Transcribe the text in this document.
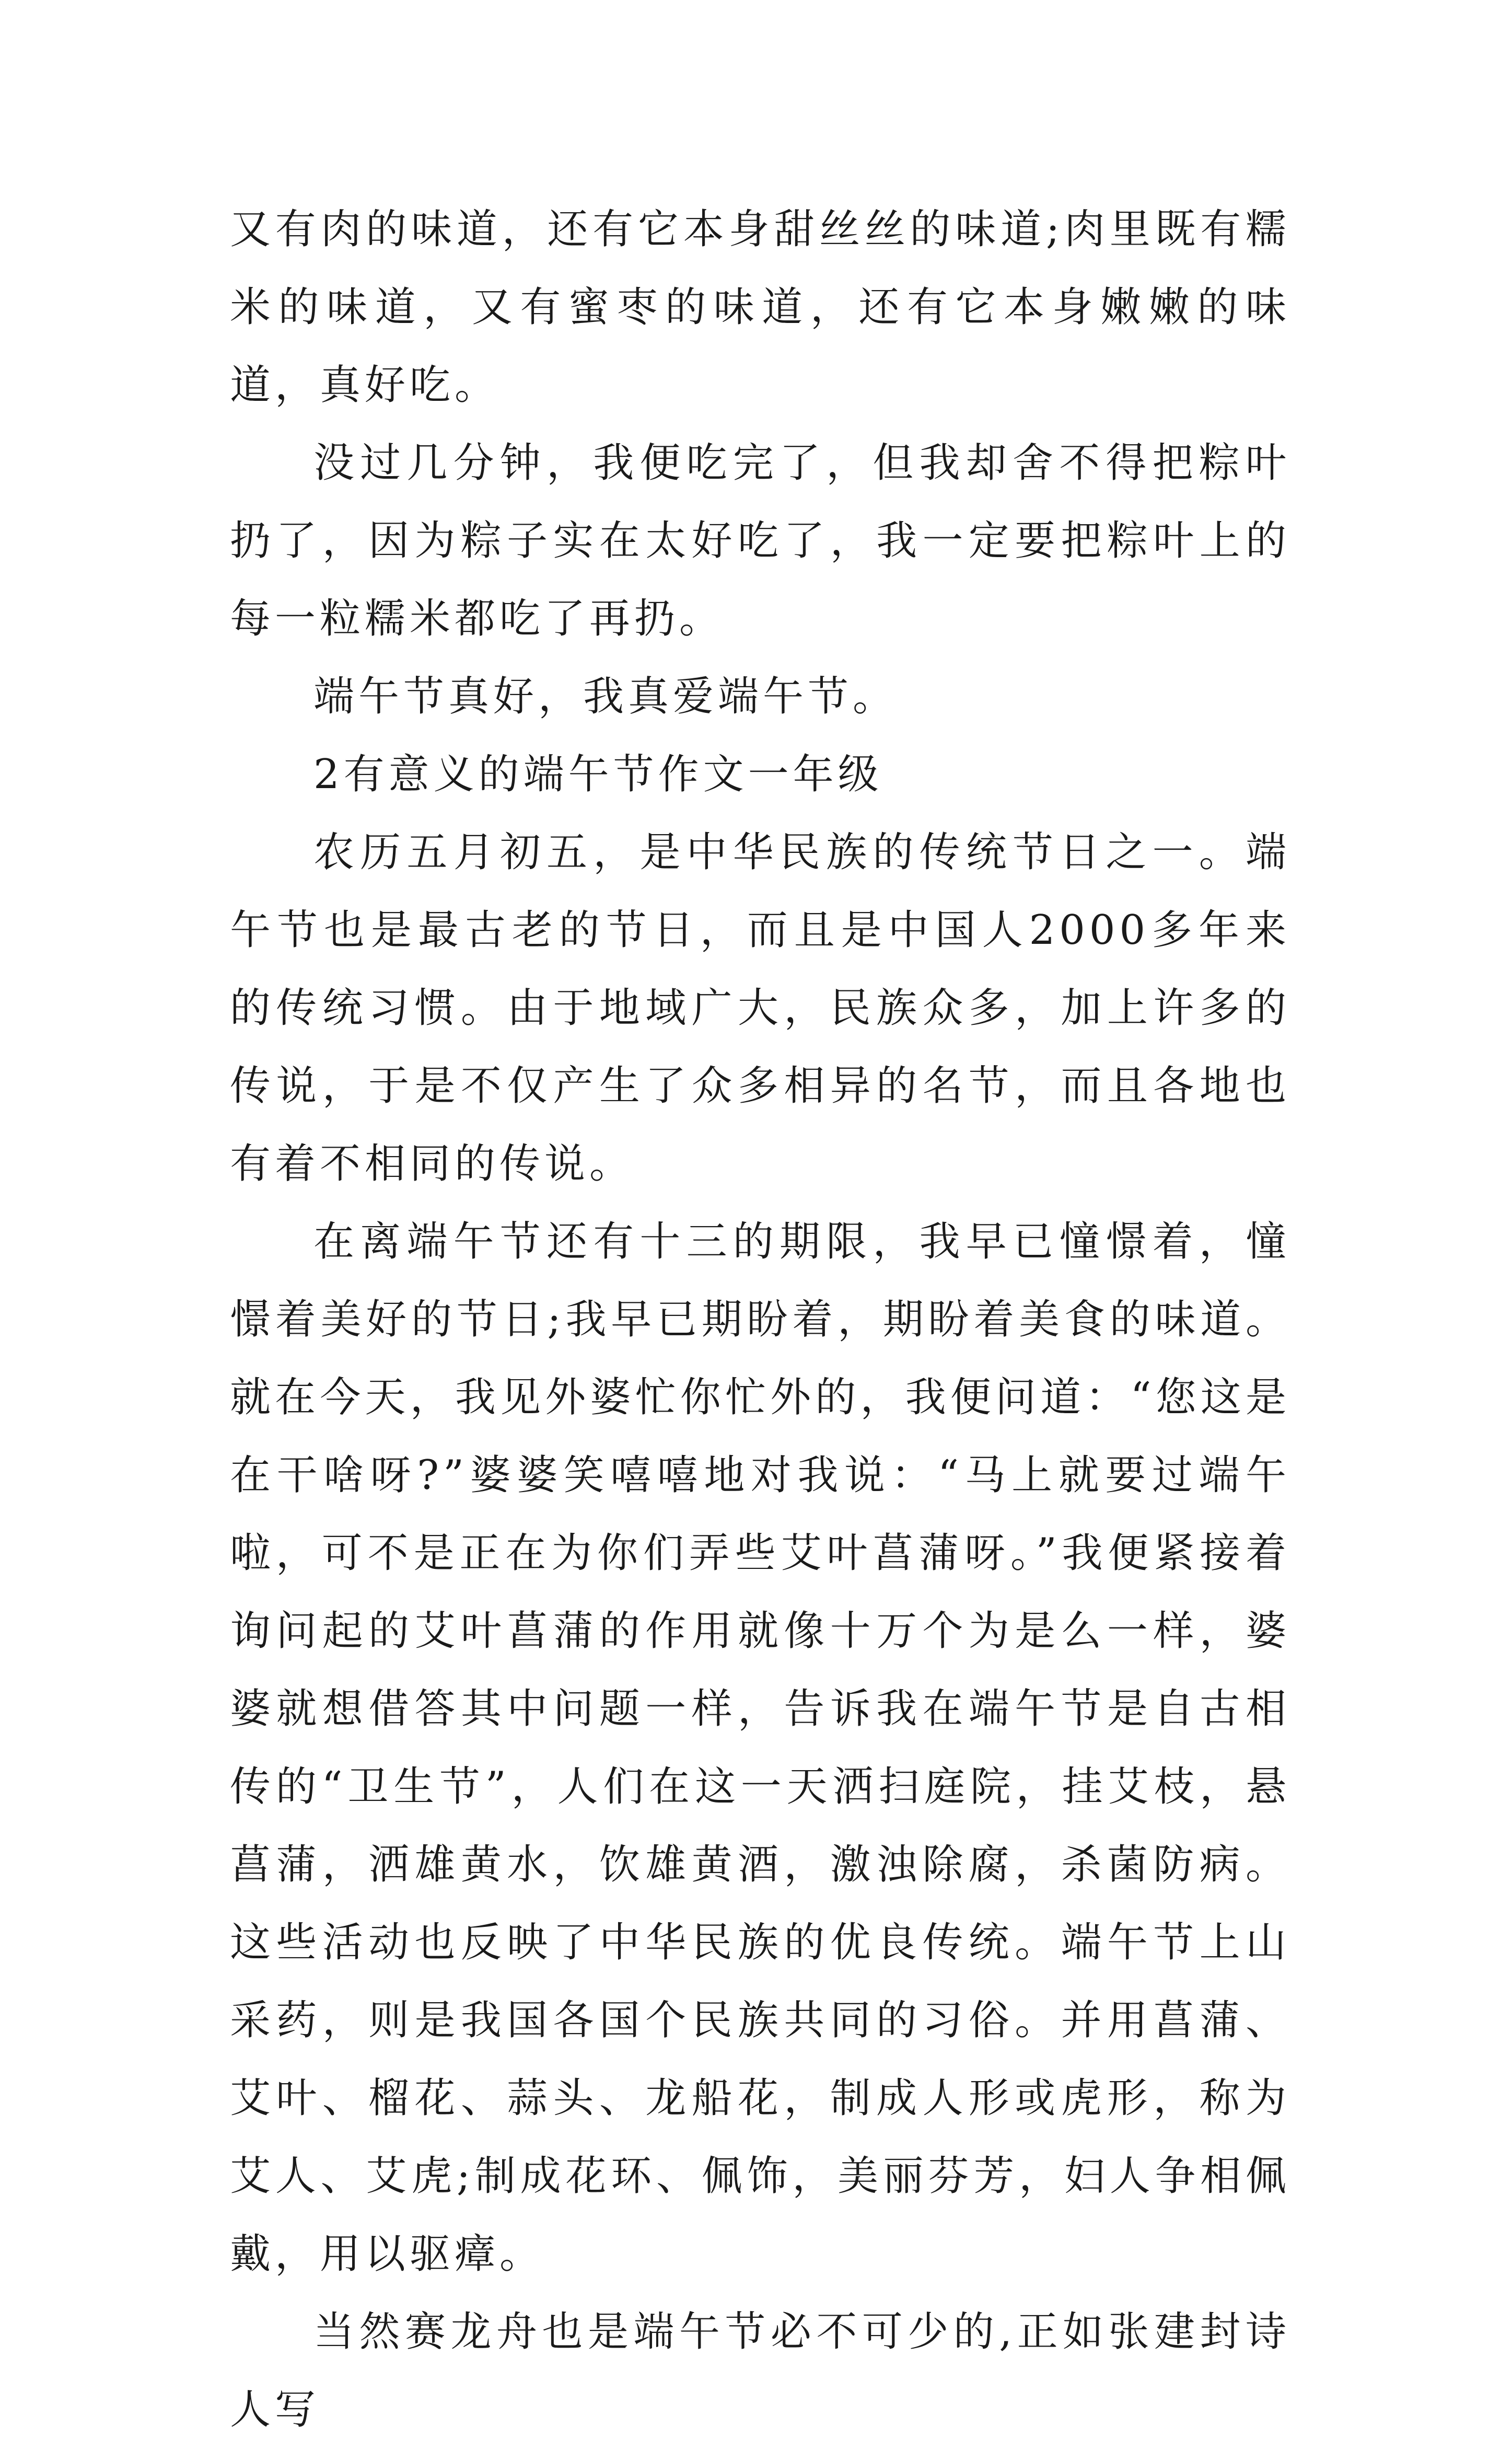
又有肉的味道，还有它本身甜丝丝的味道;肉里既有糯米的味道，又有蜜枣的味道，还有它本身嫩嫩的味道，真好吃。

没过几分钟，我便吃完了，但我却舍不得把粽叶扔了，因为粽子实在太好吃了，我一定要把粽叶上的每一粒糯米都吃了再扔。

端午节真好，我真爱端午节。

2有意义的端午节作文一年级

农历五月初五，是中华民族的传统节日之一。端午节也是最古老的节日，而且是中国人2000多年来的传统习惯。由于地域广大，民族众多，加上许多的传说，于是不仅产生了众多相异的名节，而且各地也有着不相同的传说。

在离端午节还有十三的期限，我早已憧憬着，憧憬着美好的节日;我早已期盼着，期盼着美食的味道。就在今天，我见外婆忙你忙外的，我便问道：“您这是在干啥呀?”婆婆笑嘻嘻地对我说：“马上就要过端午啦，可不是正在为你们弄些艾叶菖蒲呀。”我便紧接着询问起的艾叶菖蒲的作用就像十万个为是么一样，婆婆就想借答其中问题一样，告诉我在端午节是自古相传的“卫生节”，人们在这一天洒扫庭院，挂艾枝，悬菖蒲，洒雄黄水，饮雄黄酒，激浊除腐，杀菌防病。这些活动也反映了中华民族的优良传统。端午节上山采药，则是我国各国个民族共同的习俗。并用菖蒲、艾叶、榴花、蒜头、龙船花，制成人形或虎形，称为艾人、艾虎;制成花环、佩饰，美丽芬芳，妇人争相佩戴，用以驱瘴。

当然赛龙舟也是端午节必不可少的,正如张建封诗人写
